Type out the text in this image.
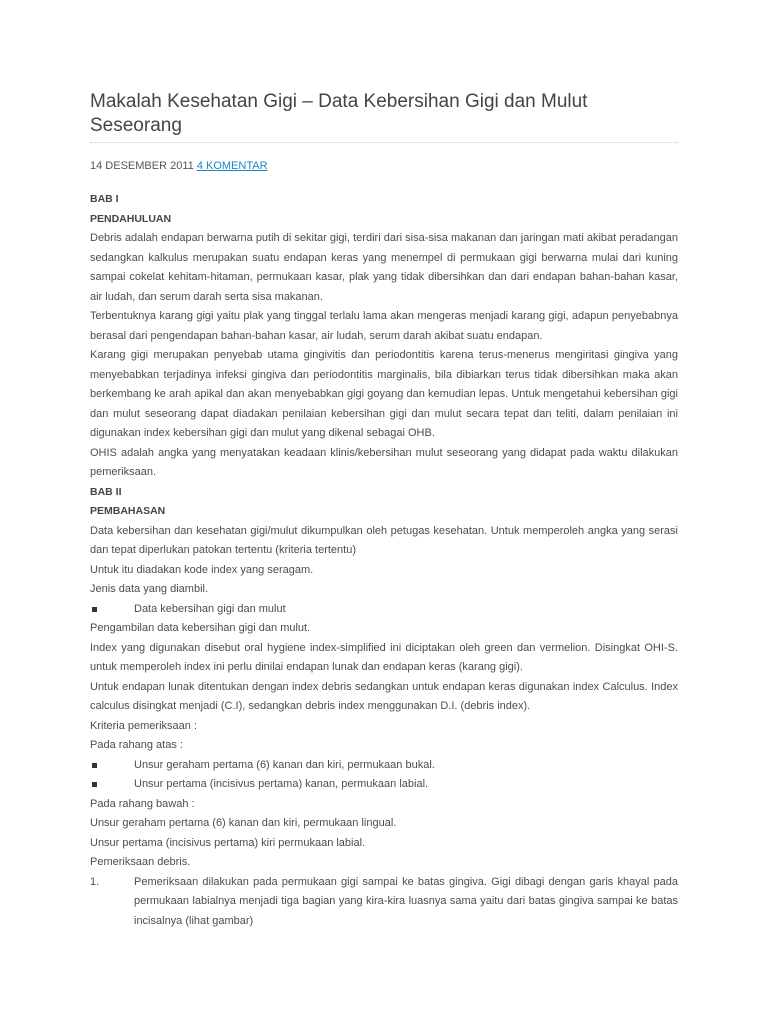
Makalah Kesehatan Gigi – Data Kebersihan Gigi dan Mulut Seseorang
14 DESEMBER 2011 4 KOMENTAR

BAB I

PENDAHULUAN

Debris adalah endapan berwarna putih di sekitar gigi, terdiri dari sisa-sisa makanan dan jaringan mati akibat peradangan sedangkan kalkulus merupakan suatu endapan keras yang menempel di permukaan gigi berwarna mulai dari kuning sampai cokelat kehitam-hitaman, permukaan kasar, plak yang tidak dibersihkan dan dari endapan bahan-bahan kasar, air ludah, dan serum darah serta sisa makanan.

Terbentuknya karang gigi yaitu plak yang tinggal terlalu lama akan mengeras menjadi karang gigi, adapun penyebabnya berasal dari pengendapan bahan-bahan kasar, air ludah, serum darah akibat suatu endapan.

Karang gigi merupakan penyebab utama gingivitis dan periodontitis karena terus-menerus mengiritasi gingiva yang menyebabkan terjadinya infeksi gingiva dan periodontitis marginalis, bila dibiarkan terus tidak dibersihkan maka akan berkembang ke arah apikal dan akan menyebabkan gigi goyang dan kemudian lepas. Untuk mengetahui kebersihan gigi dan mulut seseorang dapat diadakan penilaian kebersihan gigi dan mulut secara tepat dan teliti, dalam penilaian ini digunakan index kebersihan gigi dan mulut yang dikenal sebagai OHB.

OHIS adalah angka yang menyatakan keadaan klinis/kebersihan mulut seseorang yang didapat pada waktu dilakukan pemeriksaan.

BAB II

PEMBAHASAN

Data kebersihan dan kesehatan gigi/mulut dikumpulkan oleh petugas kesehatan. Untuk memperoleh angka yang serasi dan tepat diperlukan patokan tertentu (kriteria tertentu)

Untuk itu diadakan kode index yang seragam.

Jenis data yang diambil.

Data kebersihan gigi dan mulut

Pengambilan data kebersihan gigi dan mulut.

Index yang digunakan disebut oral hygiene index-simplified ini diciptakan oleh green dan vermelion. Disingkat OHI-S. untuk memperoleh index ini perlu dinilai endapan lunak dan endapan keras (karang gigi).

Untuk endapan lunak ditentukan dengan index debris sedangkan untuk endapan keras digunakan index Calculus. Index calculus disingkat menjadi (C.I), sedangkan debris index menggunakan D.I. (debris index).

Kriteria pemeriksaan :

Pada rahang atas :

Unsur geraham pertama (6) kanan dan kiri, permukaan bukal.
Unsur pertama (incisivus pertama) kanan, permukaan labial.

Pada rahang bawah :

Unsur geraham pertama (6) kanan dan kiri, permukaan lingual.

Unsur pertama (incisivus pertama) kiri permukaan labial.

Pemeriksaan debris.

1.	Pemeriksaan dilakukan pada permukaan gigi sampai ke batas gingiva. Gigi dibagi dengan garis khayal pada permukaan labialnya menjadi tiga bagian yang kira-kira luasnya sama yaitu dari batas gingiva sampai ke batas incisalnya (lihat gambar)
